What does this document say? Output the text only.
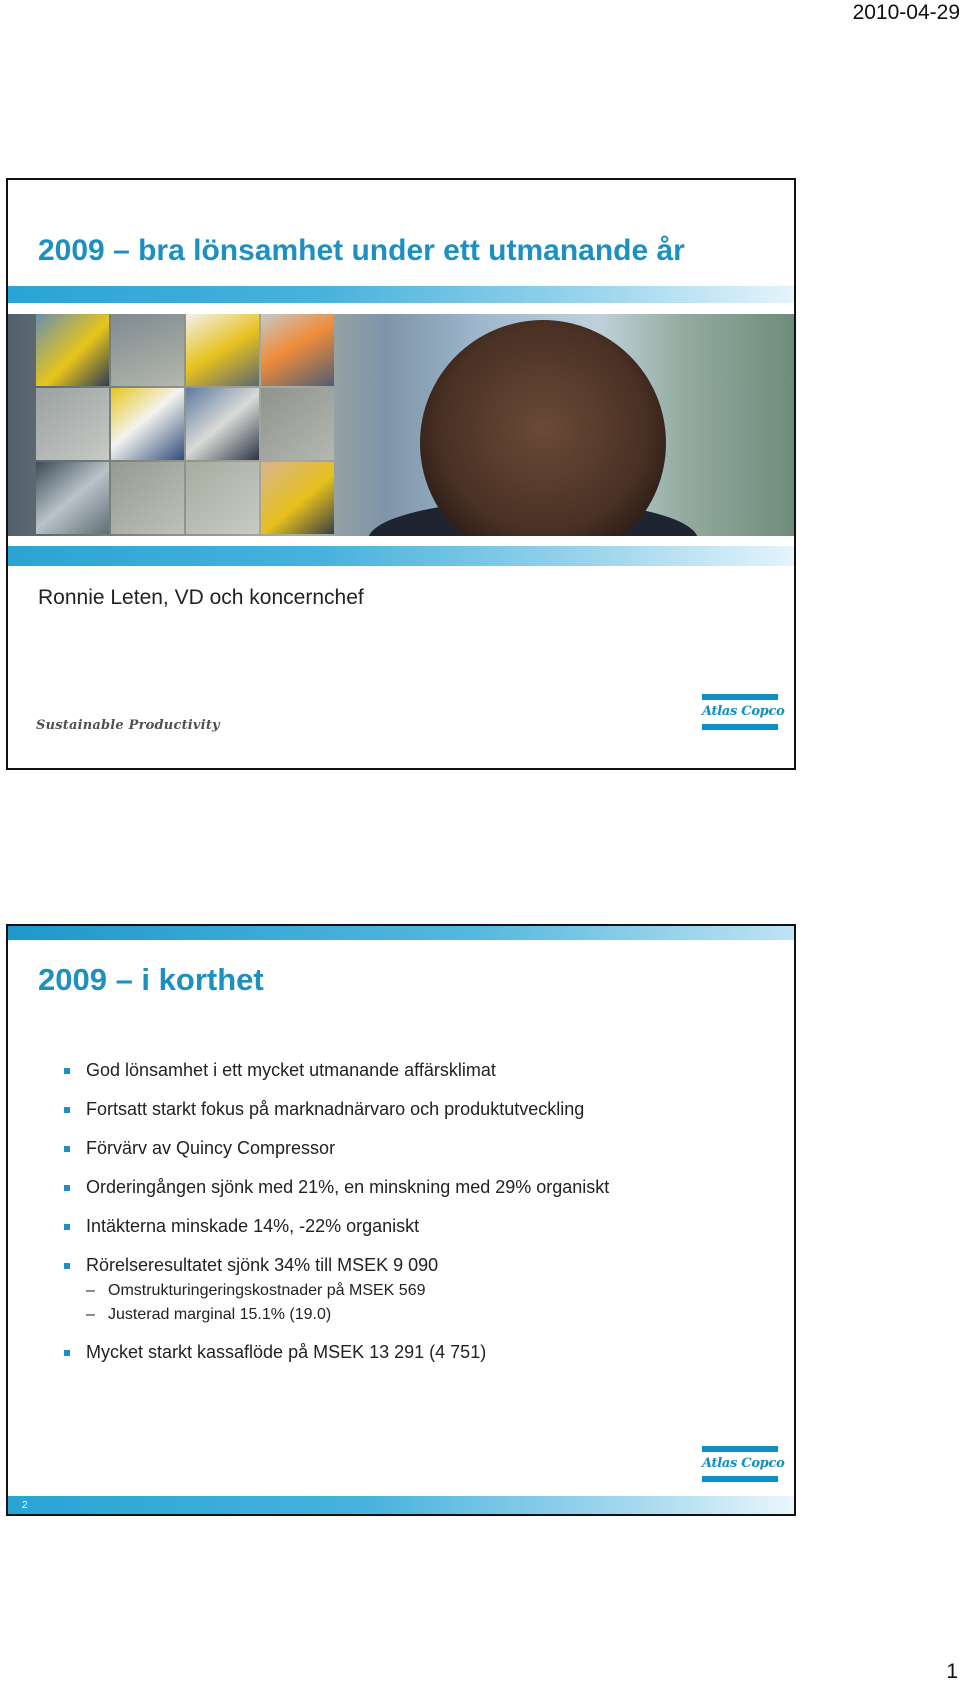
2010-04-29
2009 – bra lönsamhet under ett utmanande år
Ronnie Leten, VD och koncernchef
Sustainable Productivity
Atlas Copco
2009 – i korthet
God lönsamhet i ett mycket utmanande affärsklimat
Fortsatt starkt fokus på marknadnärvaro och produktutveckling
Förvärv av Quincy Compressor
Orderingången sjönk med 21%, en minskning med 29% organiskt
Intäkterna minskade 14%, -22% organiskt
Rörelseresultatet sjönk 34% till MSEK 9 090
– Omstrukturingeringskostnader på MSEK 569
– Justerad marginal 15.1% (19.0)
Mycket starkt kassaflöde på MSEK 13 291 (4 751)
Atlas Copco
2
1
